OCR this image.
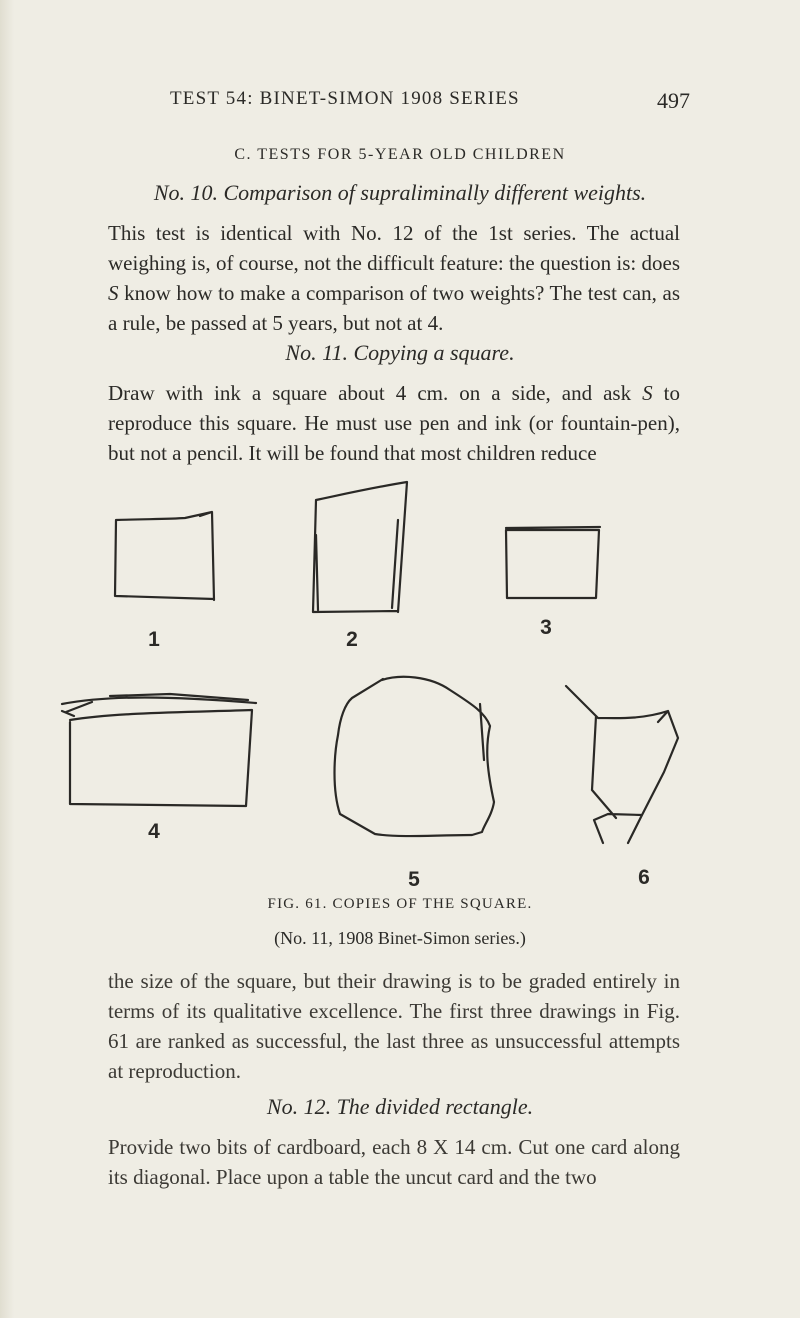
TEST 54: BINET-SIMON 1908 SERIES	497
C. TESTS FOR 5-YEAR OLD CHILDREN
No. 10. Comparison of supraliminally different weights.
This test is identical with No. 12 of the 1st series. The actual weighing is, of course, not the difficult feature: the question is: does S know how to make a comparison of two weights? The test can, as a rule, be passed at 5 years, but not at 4.
No. 11. Copying a square.
Draw with ink a square about 4 cm. on a side, and ask S to reproduce this square. He must use pen and ink (or fountain-pen), but not a pencil. It will be found that most children reduce
1	2
3
4
5	6
FIG. 61. COPIES OF THE SQUARE.
(No. 11, 1908 Binet-Simon series.)
the size of the square, but their drawing is to be graded entirely in terms of its qualitative excellence. The first three drawings in Fig. 61 are ranked as successful, the last three as unsuccessful attempts at reproduction.
No. 12. The divided rectangle.
Provide two bits of cardboard, each 8 X 14 cm. Cut one card along its diagonal. Place upon a table the uncut card and the two
